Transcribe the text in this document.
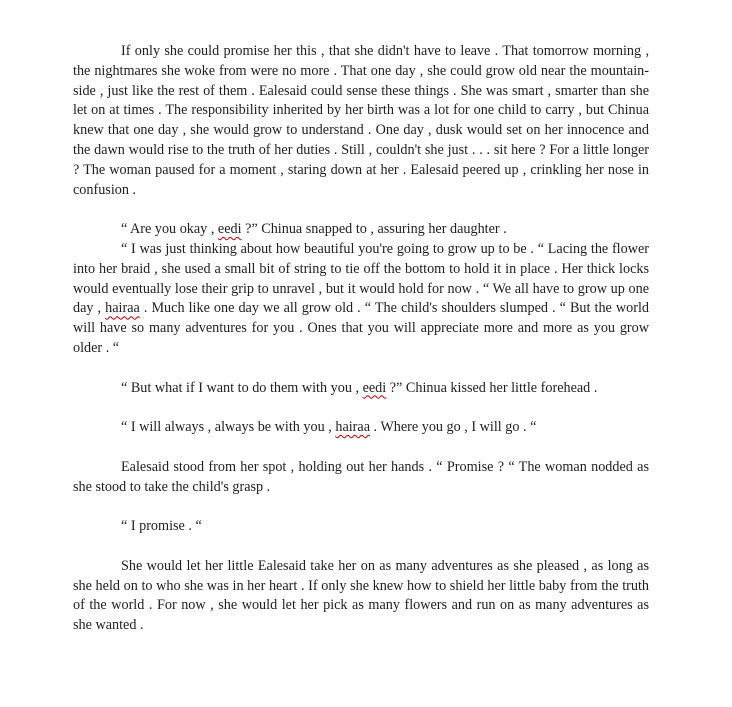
If only she could promise her this , that she didn't have to leave . That tomorrow morning , the nightmares she woke from were no more . That one day , she could grow old near the mountain-side , just like the rest of them . Ealesaid could sense these things . She was smart , smarter than she let on at times . The responsibility inherited by her birth was a lot for one child to carry , but Chinua knew that one day , she would grow to understand . One day , dusk would set on her innocence and the dawn would rise to the truth of her duties . Still , couldn't she just . . . sit here ? For a little longer ? The woman paused for a moment , staring down at her . Ealesaid peered up , crinkling her nose in confusion .

“ Are you okay , eedi ?” Chinua snapped to , assuring her daughter .

“ I was just thinking about how beautiful you're going to grow up to be . “ Lacing the flower into her braid , she used a small bit of string to tie off the bottom to hold it in place . Her thick locks would eventually lose their grip to unravel , but it would hold for now . “ We all have to grow up one day , hairaa . Much like one day we all grow old . “ The child's shoulders slumped . “ But the world will have so many adventures for you . Ones that you will appreciate more and more as you grow older . “

“ But what if I want to do them with you , eedi ?” Chinua kissed her little forehead .

“ I will always , always be with you , hairaa . Where you go , I will go . “

Ealesaid stood from her spot , holding out her hands . “ Promise ? “ The woman nodded as she stood to take the child's grasp .

“ I promise . “

She would let her little Ealesaid take her on as many adventures as she pleased , as long as she held on to who she was in her heart . If only she knew how to shield her little baby from the truth of the world . For now , she would let her pick as many flowers and run on as many adventures as she wanted .
